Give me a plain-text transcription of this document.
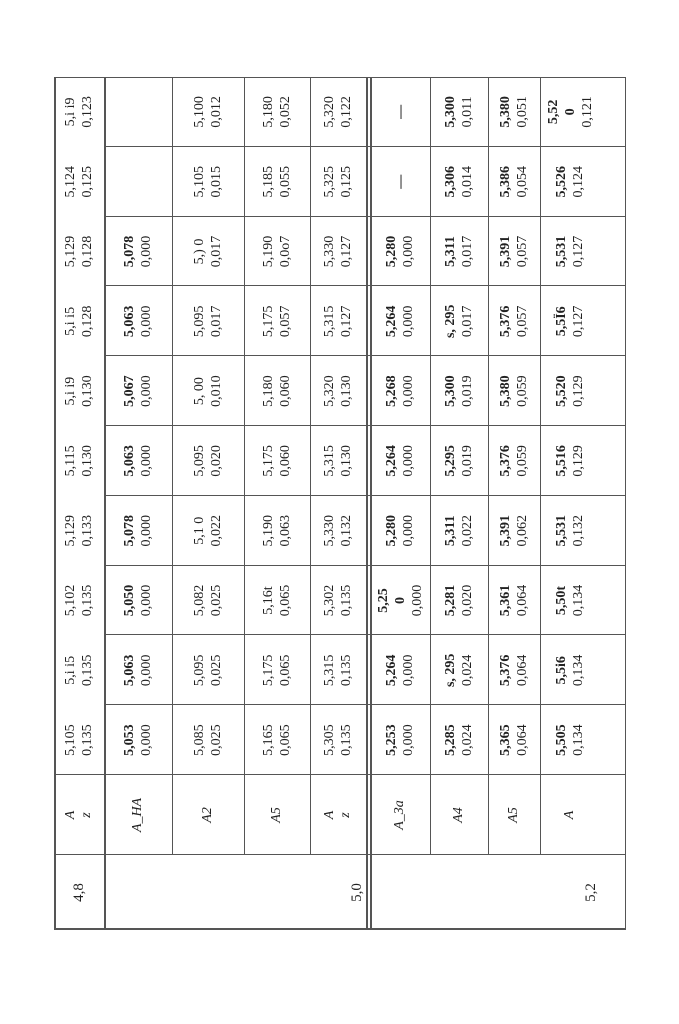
4,8
A
z
5,105 0,135
5,i i5 0,135
5,102 0,135
5,129 0,133
5,115 0,130
5,i i9 0,130
5,i i5 0,128
5,129 0,128
5,124 0,125
5,i i9 0,123
5,0
A_HA
5,053 0,000
5,063 0,000
5,050 0,000
5,078 0,000
5,063 0,000
5,067 0,000
5,063 0,000
5,078 0,000
A2
5,085 0,025
5,095 0,025
5,082 0,025
5,1 0 0,022
5,095 0,020
5, 00 0,010
5,095 0,017
5,) 0 0,017
5,105 0,015
5,100 0,012
A5
5,165 0,065
5,175 0,065
5,16t 0,065
5,190 0,063
5,175 0,060
5,180 0,060
5,175 0,057
5,190 0,0o7
5,185 0,055
5,180 0,052
A
z
5,305 0,135
5,315 0,135
5,302 0,135
5,330 0,132
5,315 0,130
5,320 0,130
5,315 0,127
5,330 0,127
5,325 0,125
5,320 0,122
5,2
A_3a
5,253 0,000
5,264 0,000
5,25
0 0,000
5,280 0,000
5,264 0,000
5,268 0,000
5,264 0,000
5,280 0,000
—
—
A4
5,285 0,024
s, 295 0,024
5,281 0,020
5,311 0,022
5,295 0,019
5,300 0,019
s, 295 0,017
5,311 0,017
5,306 0,014
5,300 0,011
A5
5,365 0,064
5,376 0,064
5,361 0,064
5,391 0,062
5,376 0,059
5,380 0,059
5,376 0,057
5,391 0,057
5,386 0,054
5,380 0,051
A
5,505 0,134
5,5i6 0,134
5,50t 0,134
5,531 0,132
5,516 0,129
5,520 0,129
5,5Ï6 0,127
5,531 0,127
5,526 0,124
5,52
0 0,121
